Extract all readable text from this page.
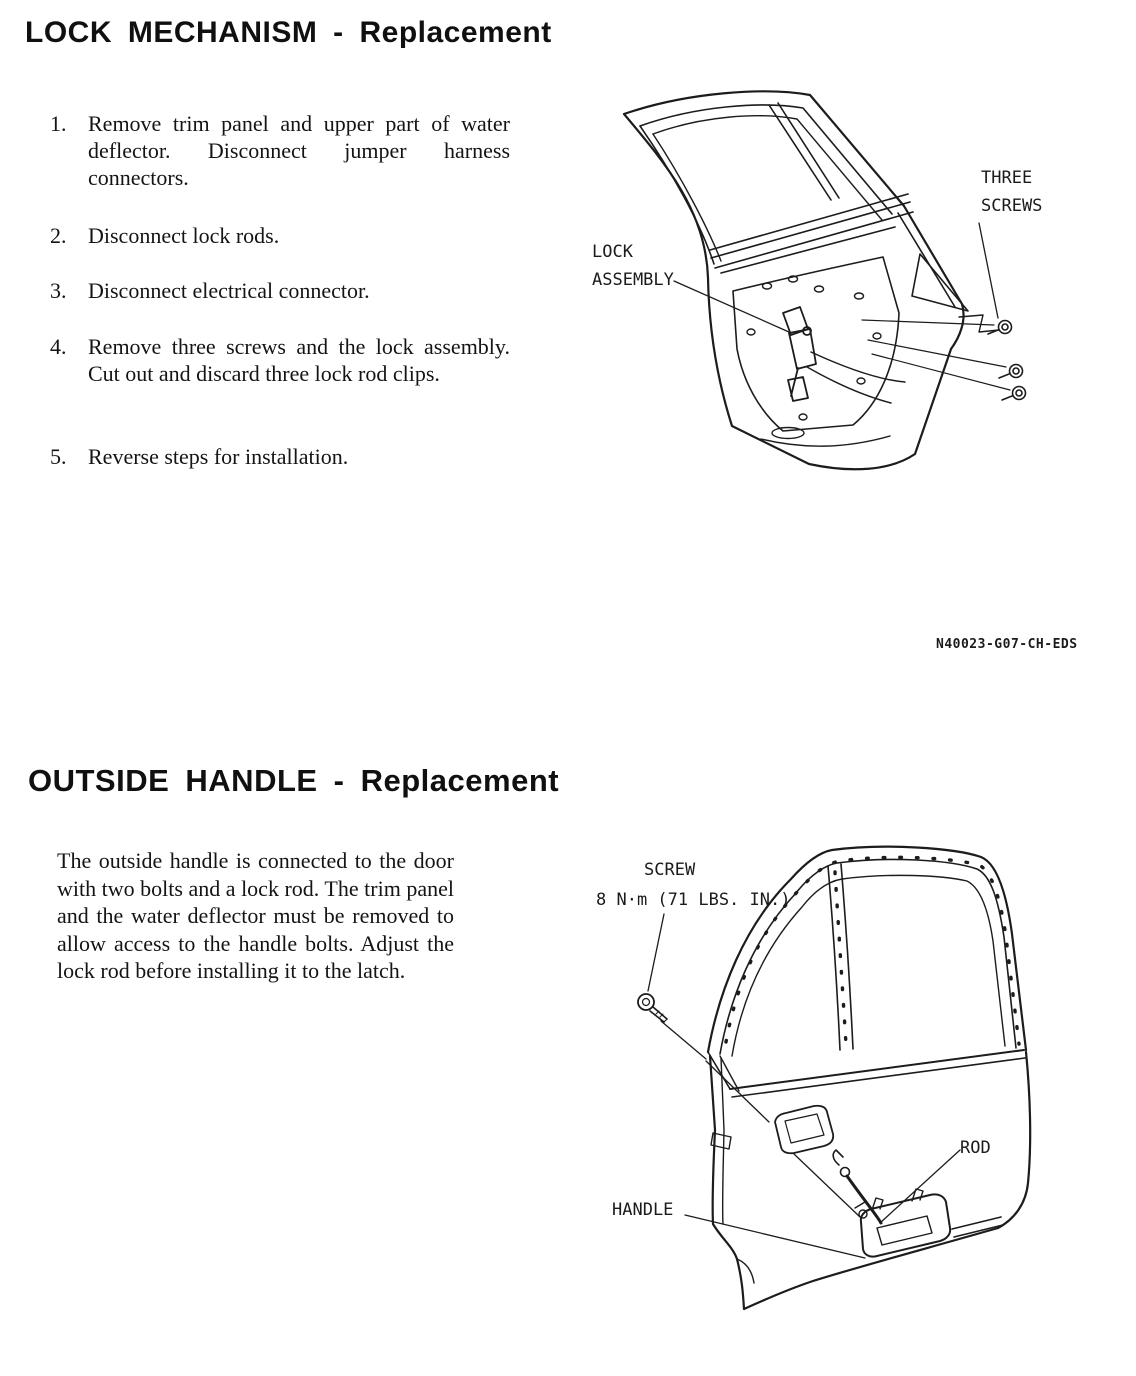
LOCK MECHANISM - Replacement
1. Remove trim panel and upper part of water deflector. Disconnect jumper harness connectors.
2. Disconnect lock rods.
3. Disconnect electrical connector.
4. Remove three screws and the lock assembly. Cut out and discard three lock rod clips.
5. Reverse steps for installation.
LOCK
ASSEMBLY
THREE
SCREWS
N40023-G07-CH-EDS
OUTSIDE HANDLE - Replacement
The outside handle is connected to the door with two bolts and a lock rod. The trim panel and the water deflector must be removed to allow access to the handle bolts. Adjust the lock rod before installing it to the latch.
SCREW
8 N·m (71 LBS. IN.)
ROD
HANDLE
